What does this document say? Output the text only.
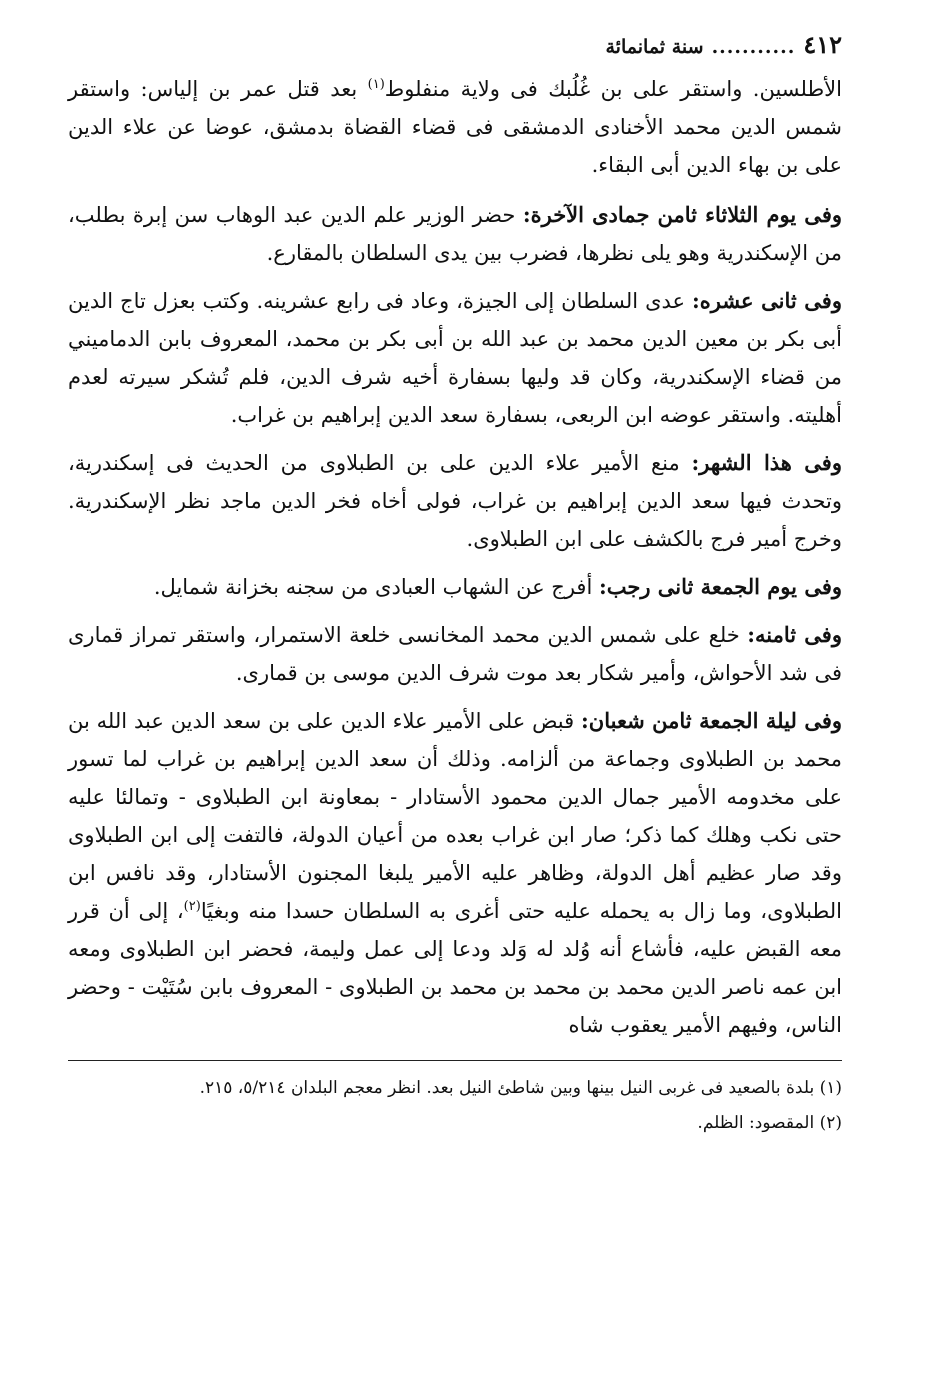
٤١٢
...........
سنة ثمانمائة

الأطلسين. واستقر على بن غُلُبك فى ولاية منفلوط$^{(١)}$ بعد قتل عمر بن إلياس: واستقر شمس الدين محمد الأخنادى الدمشقى فى قضاء القضاة بدمشق، عوضا عن علاء الدين على بن بهاء الدين أبى البقاء.

وفى يوم الثلاثاء ثامن جمادى الآخرة: حضر الوزير علم الدين عبد الوهاب سن إبرة بطلب، من الإسكندرية وهو يلى نظرها، فضرب بين يدى السلطان بالمقارع.

وفى ثانى عشره: عدى السلطان إلى الجيزة، وعاد فى رابع عشرينه. وكتب بعزل تاج الدين أبى بكر بن معين الدين محمد بن عبد الله بن أبى بكر بن محمد، المعروف بابن الدماميني من قضاء الإسكندرية، وكان قد وليها بسفارة أخيه شرف الدين، فلم تُشكر سيرته لعدم أهليته. واستقر عوضه ابن الربعى، بسفارة سعد الدين إبراهيم بن غراب.

وفى هذا الشهر: منع الأمير علاء الدين على بن الطبلاوى من الحديث فى إسكندرية، وتحدث فيها سعد الدين إبراهيم بن غراب، فولى أخاه فخر الدين ماجد نظر الإسكندرية. وخرج أمير فرج بالكشف على ابن الطبلاوى.

وفى يوم الجمعة ثانى رجب: أفرج عن الشهاب العبادى من سجنه بخزانة شمايل.

وفى ثامنه: خلع على شمس الدين محمد المخانسى خلعة الاستمرار، واستقر تمراز قمارى فى شد الأحواش، وأمير شكار بعد موت شرف الدين موسى بن قمارى.

وفى ليلة الجمعة ثامن شعبان: قبض على الأمير علاء الدين على بن سعد الدين عبد الله بن محمد بن الطبلاوى وجماعة من ألزامه. وذلك أن سعد الدين إبراهيم بن غراب لما تسور على مخدومه الأمير جمال الدين محمود الأستادار - بمعاونة ابن الطبلاوى - وتمالئا عليه حتى نكب وهلك كما ذكر؛ صار ابن غراب بعده من أعيان الدولة، فالتفت إلى ابن الطبلاوى وقد صار عظيم أهل الدولة، وظاهر عليه الأمير يلبغا المجنون الأستادار، وقد نافس ابن الطبلاوى، وما زال به يحمله عليه حتى أغرى به السلطان حسدا منه وبغيًا$^{(٢)}$، إلى أن قرر معه القبض عليه، فأشاع أنه وُلد له وَلد ودعا إلى عمل وليمة، فحضر ابن الطبلاوى ومعه ابن عمه ناصر الدين محمد بن محمد بن محمد بن الطبلاوى - المعروف بابن سُتَيْت - وحضر الناس، وفيهم الأمير يعقوب شاه

(١) بلدة بالصعيد فى غربى النيل بينها وبين شاطئ النيل بعد. انظر معجم البلدان ٥/٢١٤، ٢١٥.

(٢) المقصود: الظلم.
